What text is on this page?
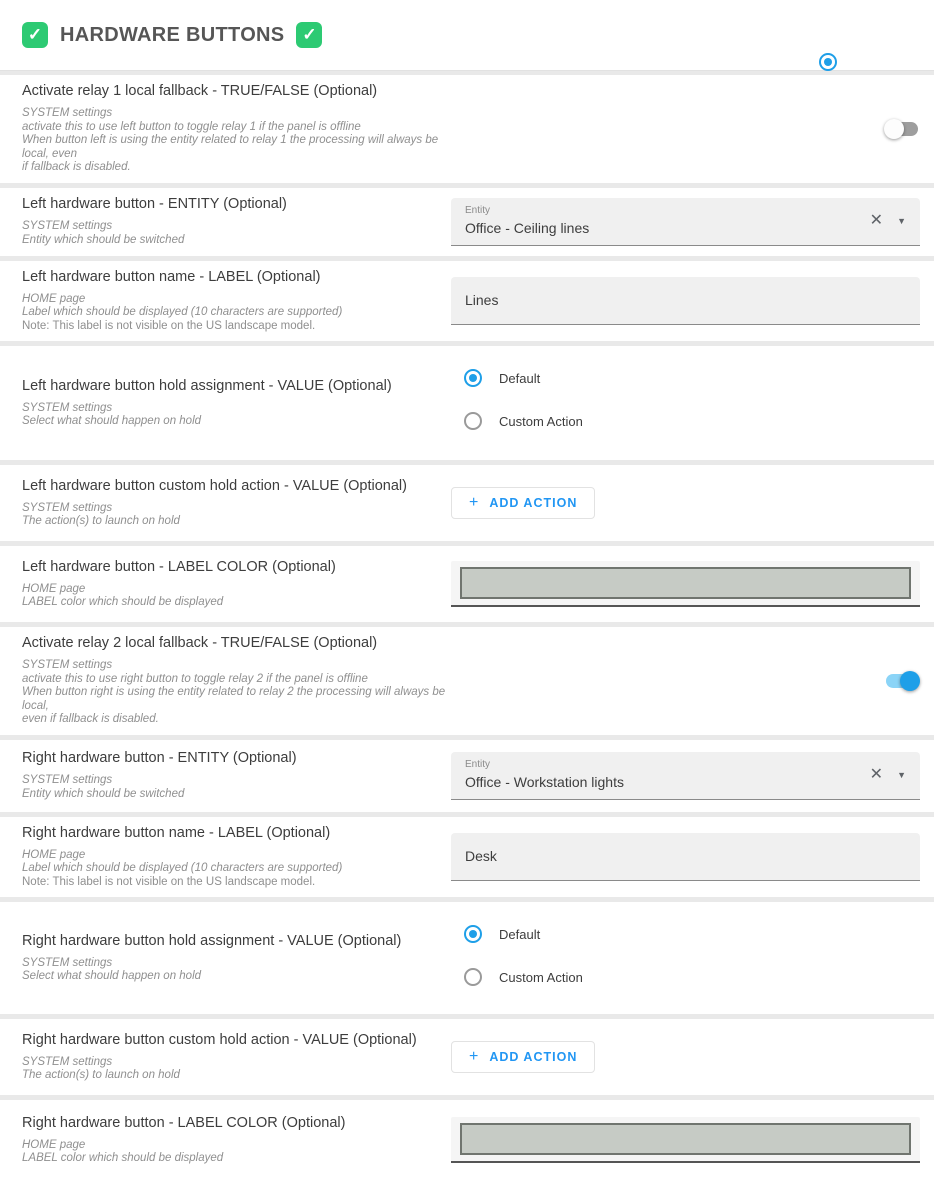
✓ HARDWARE BUTTONS	✓
Activate relay 1 local fallback - TRUE/FALSE (Optional)
SYSTEM settings
activate this to use left button to toggle relay 1 if the panel is offline
When button left is using the entity related to relay 1 the processing will always be local, even
if fallback is disabled.
Left hardware button - ENTITY (Optional)
SYSTEM settings
Entity which should be switched
Entity
Office - Ceiling lines	✕ ▼
Left hardware button name - LABEL (Optional)
HOME page
Label which should be displayed (10 characters are supported)
Note: This label is not visible on the US landscape model.
Lines
Left hardware button hold assignment - VALUE (Optional)
SYSTEM settings
Select what should happen on hold
Default
Custom Action
Left hardware button custom hold action - VALUE (Optional)
SYSTEM settings
The action(s) to launch on hold
+ ADD ACTION
Left hardware button - LABEL COLOR (Optional)
HOME page
LABEL color which should be displayed
Activate relay 2 local fallback - TRUE/FALSE (Optional)
SYSTEM settings
activate this to use right button to toggle relay 2 if the panel is offline
When button right is using the entity related to relay 2 the processing will always be local,
even if fallback is disabled.
Right hardware button - ENTITY (Optional)
SYSTEM settings
Entity which should be switched
Entity
Office - Workstation lights	✕ ▼
Right hardware button name - LABEL (Optional)
HOME page
Label which should be displayed (10 characters are supported)
Note: This label is not visible on the US landscape model.
Desk
Right hardware button hold assignment - VALUE (Optional)
SYSTEM settings
Select what should happen on hold
Default
Custom Action
Right hardware button custom hold action - VALUE (Optional)
SYSTEM settings
The action(s) to launch on hold
+ ADD ACTION
Right hardware button - LABEL COLOR (Optional)
HOME page
LABEL color which should be displayed
